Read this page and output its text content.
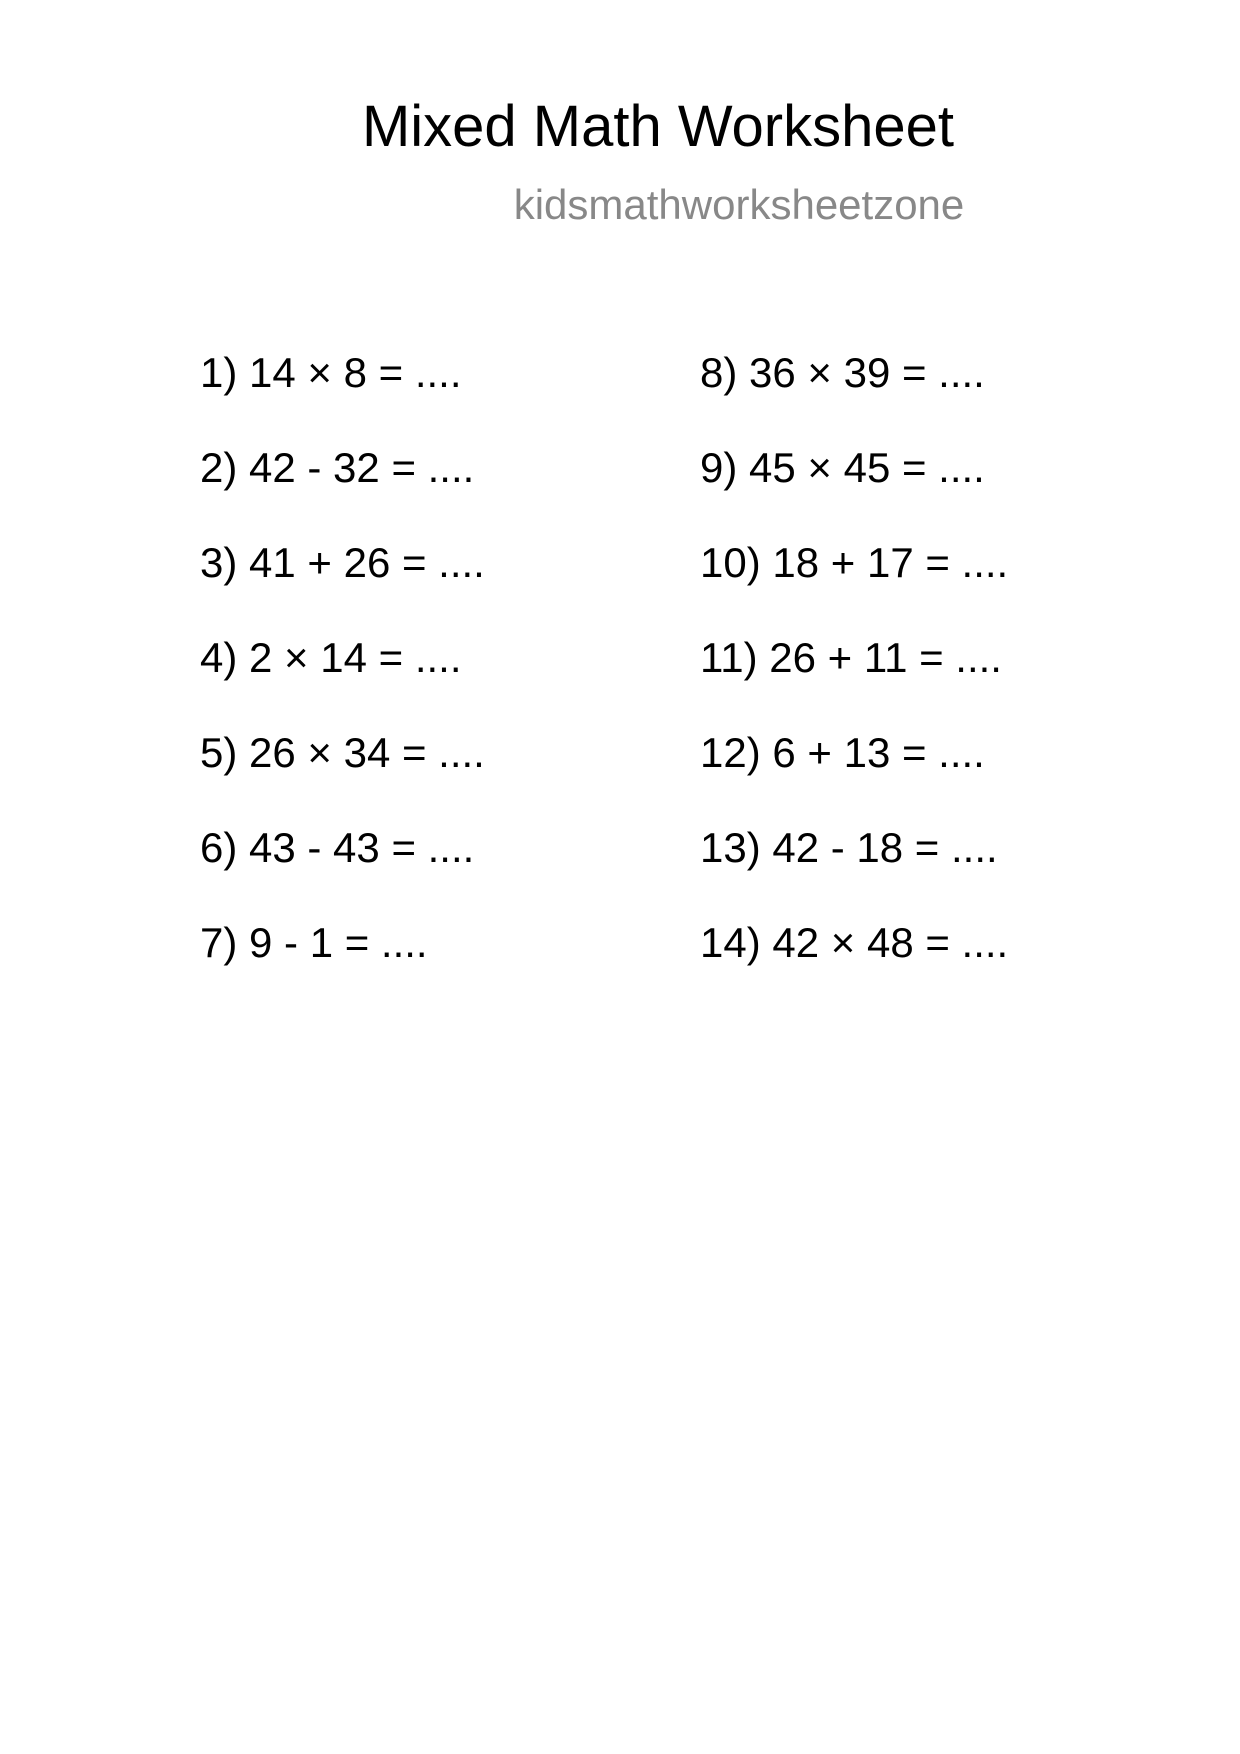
Mixed Math Worksheet
kidsmathworksheetzone
1) 14 × 8 = ....
2) 42 - 32 = ....
3) 41 + 26 = ....
4) 2 × 14 = ....
5) 26 × 34 = ....
6) 43 - 43 = ....
7) 9 - 1 = ....
8) 36 × 39 = ....
9) 45 × 45 = ....
10) 18 + 17 = ....
11) 26 + 11 = ....
12) 6 + 13 = ....
13) 42 - 18 = ....
14) 42 × 48 = ....
